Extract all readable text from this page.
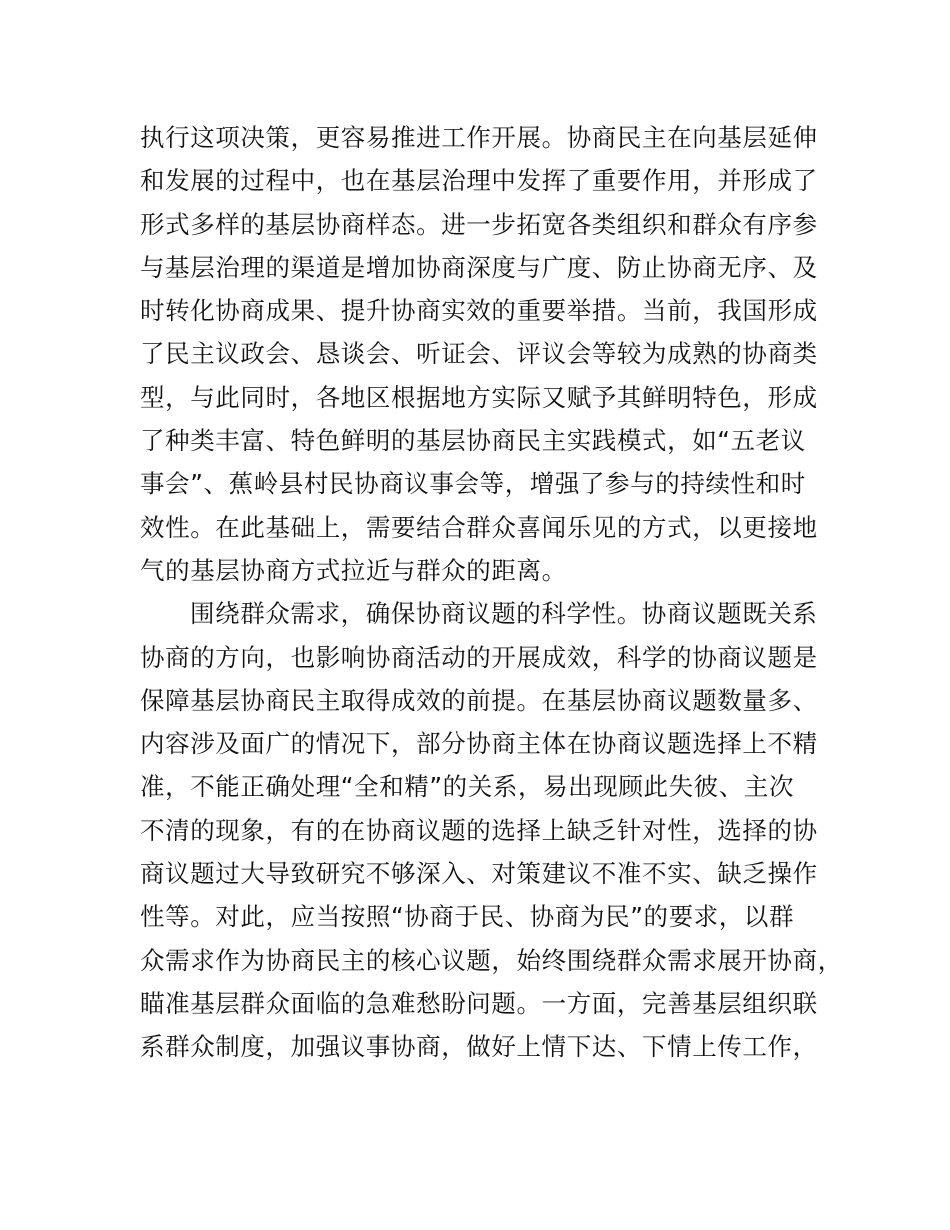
执行这项决策，更容易推进工作开展。协商民主在向基层延伸
和发展的过程中，也在基层治理中发挥了重要作用，并形成了
形式多样的基层协商样态。进一步拓宽各类组织和群众有序参
与基层治理的渠道是增加协商深度与广度、防止协商无序、及
时转化协商成果、提升协商实效的重要举措。当前，我国形成
了民主议政会、恳谈会、听证会、评议会等较为成熟的协商类
型，与此同时，各地区根据地方实际又赋予其鲜明特色，形成
了种类丰富、特色鲜明的基层协商民主实践模式，如“五老议
事会”、蕉岭县村民协商议事会等，增强了参与的持续性和时
效性。在此基础上，需要结合群众喜闻乐见的方式，以更接地
气的基层协商方式拉近与群众的距离。
围绕群众需求，确保协商议题的科学性。协商议题既关系
协商的方向，也影响协商活动的开展成效，科学的协商议题是
保障基层协商民主取得成效的前提。在基层协商议题数量多、
内容涉及面广的情况下，部分协商主体在协商议题选择上不精
准，不能正确处理“全和精”的关系，易出现顾此失彼、主次
不清的现象，有的在协商议题的选择上缺乏针对性，选择的协
商议题过大导致研究不够深入、对策建议不准不实、缺乏操作
性等。对此，应当按照“协商于民、协商为民”的要求，以群
众需求作为协商民主的核心议题，始终围绕群众需求展开协商，
瞄准基层群众面临的急难愁盼问题。一方面，完善基层组织联
系群众制度，加强议事协商，做好上情下达、下情上传工作，
